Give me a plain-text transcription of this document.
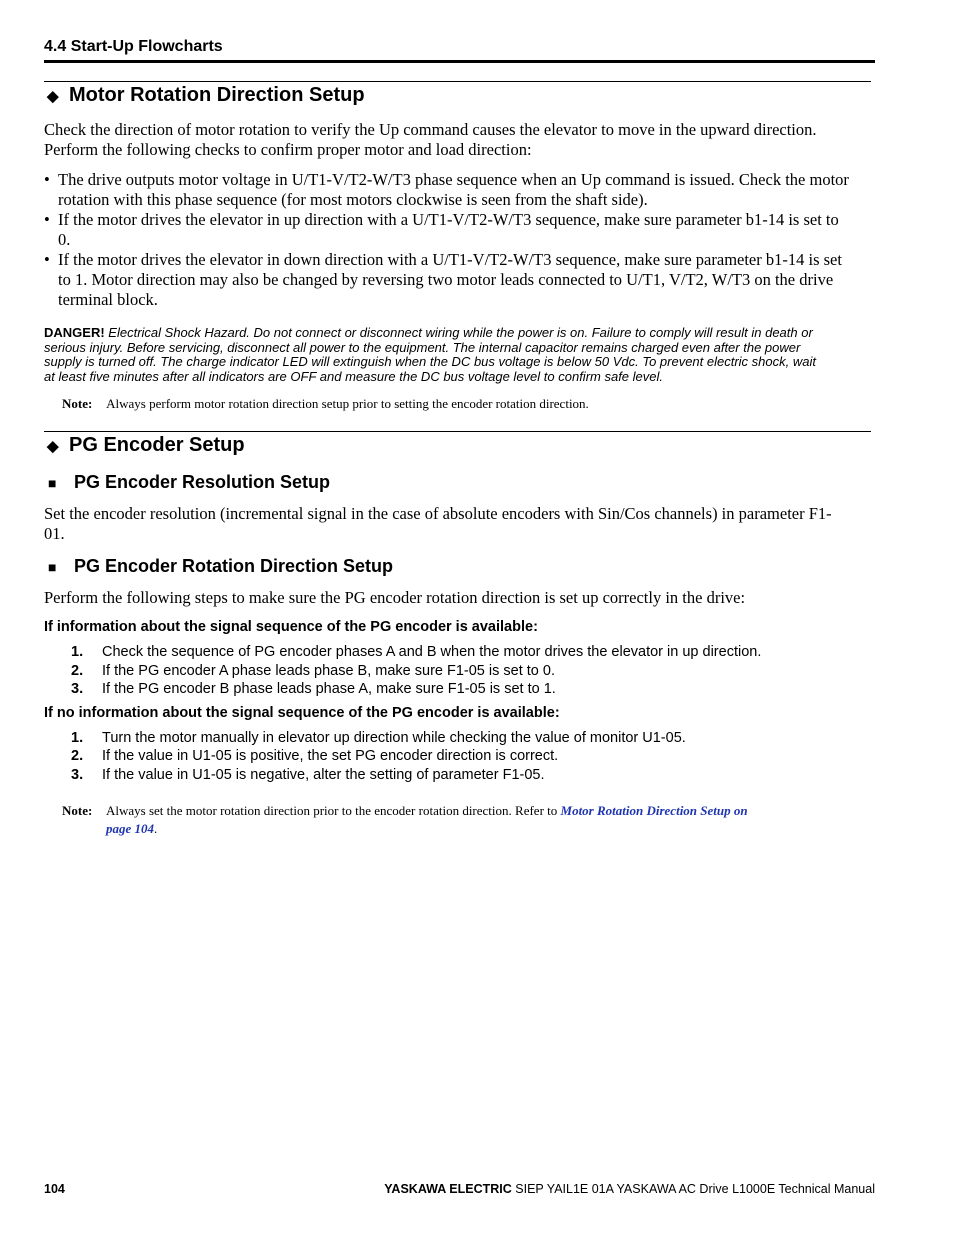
4.4 Start-Up Flowcharts
◆ Motor Rotation Direction Setup
Check the direction of motor rotation to verify the Up command causes the elevator to move in the upward direction.
Perform the following checks to confirm proper motor and load direction:
• The drive outputs motor voltage in U/T1-V/T2-W/T3 phase sequence when an Up command is issued. Check the motor
rotation with this phase sequence (for most motors clockwise is seen from the shaft side).
• If the motor drives the elevator in up direction with a U/T1-V/T2-W/T3 sequence, make sure parameter b1-14 is set to
0.
• If the motor drives the elevator in down direction with a U/T1-V/T2-W/T3 sequence, make sure parameter b1-14 is set
to 1. Motor direction may also be changed by reversing two motor leads connected to U/T1, V/T2, W/T3 on the drive
terminal block.
DANGER! Electrical Shock Hazard. Do not connect or disconnect wiring while the power is on. Failure to comply will result in death or
serious injury. Before servicing, disconnect all power to the equipment. The internal capacitor remains charged even after the power
supply is turned off. The charge indicator LED will extinguish when the DC bus voltage is below 50 Vdc. To prevent electric shock, wait
at least five minutes after all indicators are OFF and measure the DC bus voltage level to confirm safe level.
Note: Always perform motor rotation direction setup prior to setting the encoder rotation direction.
◆ PG Encoder Setup
■ PG Encoder Resolution Setup
Set the encoder resolution (incremental signal in the case of absolute encoders with Sin/Cos channels) in parameter F1-
01.
■ PG Encoder Rotation Direction Setup
Perform the following steps to make sure the PG encoder rotation direction is set up correctly in the drive:
If information about the signal sequence of the PG encoder is available:
1.	Check the sequence of PG encoder phases A and B when the motor drives the elevator in up direction.
2.	If the PG encoder A phase leads phase B, make sure F1-05 is set to 0.
3.	If the PG encoder B phase leads phase A, make sure F1-05 is set to 1.
If no information about the signal sequence of the PG encoder is available:
1.	Turn the motor manually in elevator up direction while checking the value of monitor U1-05.
2.	If the value in U1-05 is positive, the set PG encoder direction is correct.
3.	If the value in U1-05 is negative, alter the setting of parameter F1-05.
Note:	Always set the motor rotation direction prior to the encoder rotation direction. Refer to Motor Rotation Direction Setup on
page 104.
104	YASKAWA ELECTRIC SIEP YAIL1E 01A YASKAWA AC Drive L1000E Technical Manual
